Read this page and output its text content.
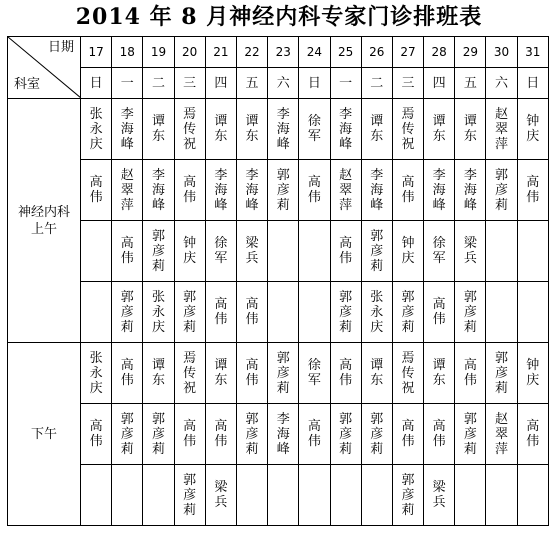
2014 年 8 月神经内科专家门诊排班表
日期
科室	17	18	19	20	21	22	23	24	25	26	27	28	29	30	31
	日	一	二	三	四	五	六	日	一	二	三	四	五	六	日
神经内科
上午	张永庆	李海峰	谭东	焉传祝	谭东	谭东	李海峰	徐军	李海峰	谭东	焉传祝	谭东	谭东	赵翠萍	钟庆
	高伟	赵翠萍	李海峰	高伟	李海峰	李海峰	郭彦莉	高伟	赵翠萍	李海峰	高伟	李海峰	李海峰	郭彦莉	高伟
		高伟	郭彦莉	钟庆	徐军	梁兵			高伟	郭彦莉	钟庆	徐军	梁兵		
		郭彦莉	张永庆	郭彦莉	高伟	高伟			郭彦莉	张永庆	郭彦莉	高伟	郭彦莉		
下午	张永庆	高伟	谭东	焉传祝	谭东	高伟	郭彦莉	徐军	高伟	谭东	焉传祝	谭东	高伟	郭彦莉	钟庆
	高伟	郭彦莉	郭彦莉	高伟	高伟	郭彦莉	李海峰	高伟	郭彦莉	郭彦莉	高伟	高伟	郭彦莉	赵翠萍	高伟
				郭彦莉	梁兵						郭彦莉	梁兵			
